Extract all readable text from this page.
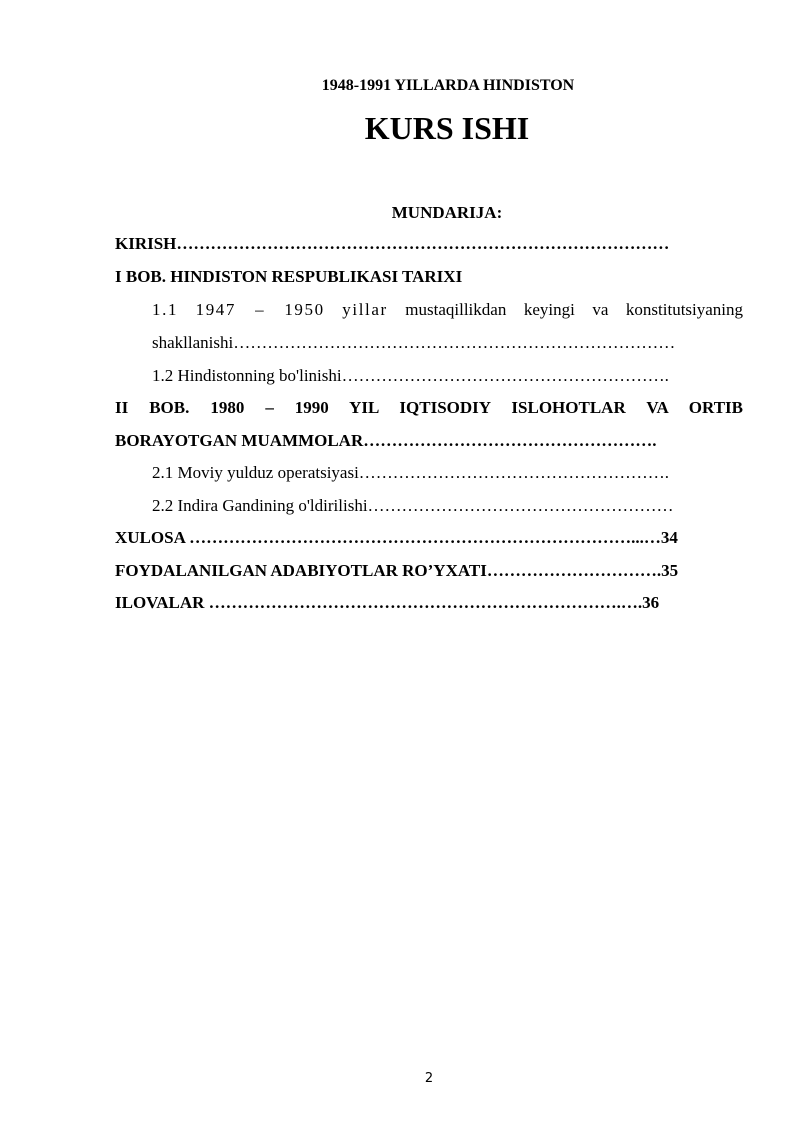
1948-1991 YILLARDA HINDISTON
KURS ISHI
MUNDARIJA:
KIRISH……………………………………………………………………………
I BOB. HINDISTON RESPUBLIKASI TARIXI
1.1 1947 – 1950 yillar mustaqillikdan keyingi va konstitutsiyaning
shakllanishi……………………………………………………………………
1.2 Hindistonning bo'linishi………………………………………………….
II BOB. 1980 – 1990 YIL IQTISODIY ISLOHOTLAR VA ORTIB
BORAYOTGAN MUAMMOLAR…………………………………………….
2.1 Moviy yulduz operatsiyasi……………………………………………….
2.2 Indira Gandining o'ldirilishi………………………………………………
XULOSA ……………………………………………………………………...…34
FOYDALANILGAN ADABIYOTLAR RO’YXATI………………………….35
ILOVALAR ……………………………………………………………….….36
2
